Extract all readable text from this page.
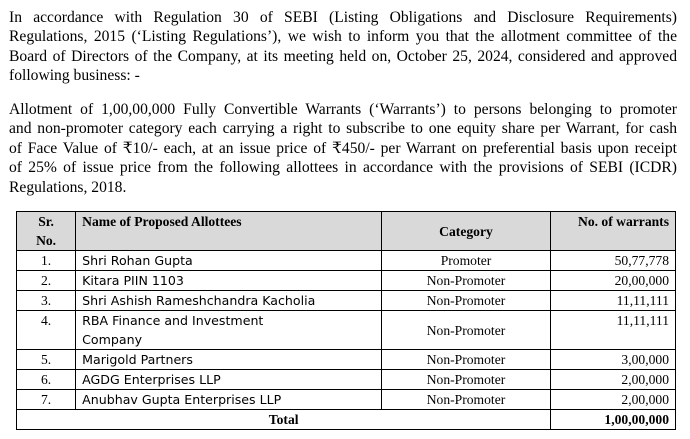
In accordance with Regulation 30 of SEBI (Listing Obligations and Disclosure Requirements)
Regulations, 2015 (‘Listing Regulations’), we wish to inform you that the allotment committee of the
Board of Directors of the Company, at its meeting held on, October 25, 2024, considered and approved
following business: -
Allotment of 1,00,00,000 Fully Convertible Warrants (‘Warrants’) to persons belonging to promoter
and non-promoter category each carrying a right to subscribe to one equity share per Warrant, for cash
of Face Value of ₹10/- each, at an issue price of ₹450/- per Warrant on preferential basis upon receipt
of 25% of issue price from the following allottees in accordance with the provisions of SEBI (ICDR)
Regulations, 2018.
Sr.
No.	Name of Proposed Allottees	Category	No. of warrants
1.	Shri Rohan Gupta	Promoter	50,77,778
2.	Kitara PIIN 1103	Non-Promoter	20,00,000
3.	Shri Ashish Rameshchandra Kacholia	Non-Promoter	11,11,111
4.	RBA Finance and Investment
Company	Non-Promoter	11,11,111
5.	Marigold Partners	Non-Promoter	3,00,000
6.	AGDG Enterprises LLP	Non-Promoter	2,00,000
7.	Anubhav Gupta Enterprises LLP	Non-Promoter	2,00,000
Total			1,00,00,000
